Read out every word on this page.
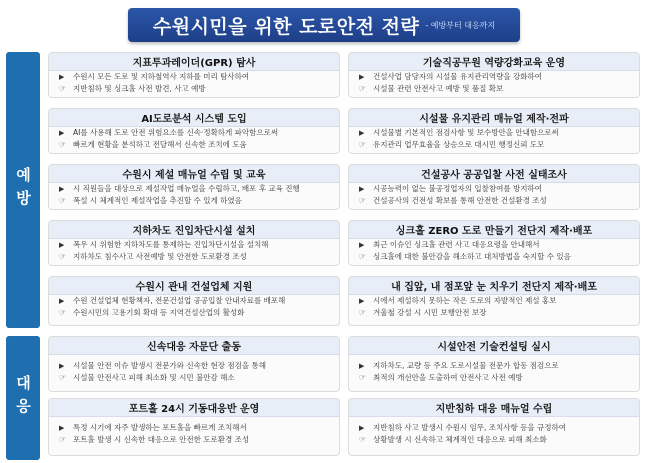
수원시민을 위한 도로안전 전략 - 예방부터 대응까지
예방
대응
지표투과레이더(GPR) 탐사
▶	수원시 모든 도로 및 지하철역사 지하를 미리 탐사하여
☞ 지반침하 및 싱크홀 사전 발견, 사고 예방
기술직공무원 역량강화교육 운영
▶	건설사업 담당자의 시설물 유지관리역량을 강화하여
☞ 시설물 관련 안전사고 예방 및 품질 확보
AI도로분석 시스템 도입
▶	AI를 사용해 도로 안전 위험요소를 신속·정확하게 파악함으로써
☞ 빠르게 현황을 분석하고 전달해서 신속한 조치에 도움
시설물 유지관리 매뉴얼 제작·전파
▶	시설물별 기본적인 점검사항 및 보수방안을 안내함으로써
☞ 유지관리 업무효율을 상승으로 대시민 행정신뢰 도모
수원시 제설 매뉴얼 수립 및 교육
▶	시 직원들을 대상으로 제설작업 매뉴얼을 수립하고, 배포 후 교육 진행
☞ 폭설 시 체계적인 제설작업을 추진할 수 있게 하였음
건설공사 공공입찰 사전 실태조사
▶	시공능력이 없는 불공정업자의 입찰참여를 방지하여
☞ 건설공사의 건전성 확보를 통해 안전한 건설환경 조성
지하차도 진입차단시설 설치
▶	폭우 시 위험한 지하차도를 통제하는 진입차단시설을 설치해
☞ 지하차도 침수사고 사전예방 및 안전한 도로환경 조성
싱크홀 ZERO 도로 만들기 전단지 제작·배포
▶	최근 이슈인 싱크홀 관련 사고 대응요령을 안내해서
☞ 싱크홀에 대한 불안감을 해소하고 대처방법을 숙지할 수 있음
수원시 관내 건설업체 지원
▶	수원 건설업체 현황책자, 전문건설업 공공입찰 안내자료를 배포해
☞ 수원시민의 고용기회 확대 등 지역건설산업의 활성화
내 집앞, 내 점포앞 눈 치우기 전단지 제작·배포
▶	시에서 제설하지 못하는 작은 도로의 자발적인 제설 홍보
☞ 겨울철 강설 시 시민 보행안전 보장
신속대응 자문단 출동
▶	시설물 안전 이슈 발생시 전문가와 신속한 현장 점검을 통해
☞ 시설물 안전사고 피해 최소화 및 시민 불안감 해소
시설안전 기술컨설팅 실시
▶	지하차도, 교량 등 주요 도로시설물 전문가 합동 점검으로
☞ 최적의 개선안을 도출하여 안전사고 사전 예방
포트홀 24시 기동대응반 운영
▶	특정 시기에 자주 발생하는 포트홀을 빠르게 조치해서
☞ 포트홀 발생 시 신속한 대응으로 안전한 도로환경 조성
지반침하 대응 매뉴얼 수립
▶	지반침하 사고 발생시 수원시 임무, 조치사항 등을 규정하여
☞ 상황발생 시 신속하고 체계적인 대응으로 피해 최소화
